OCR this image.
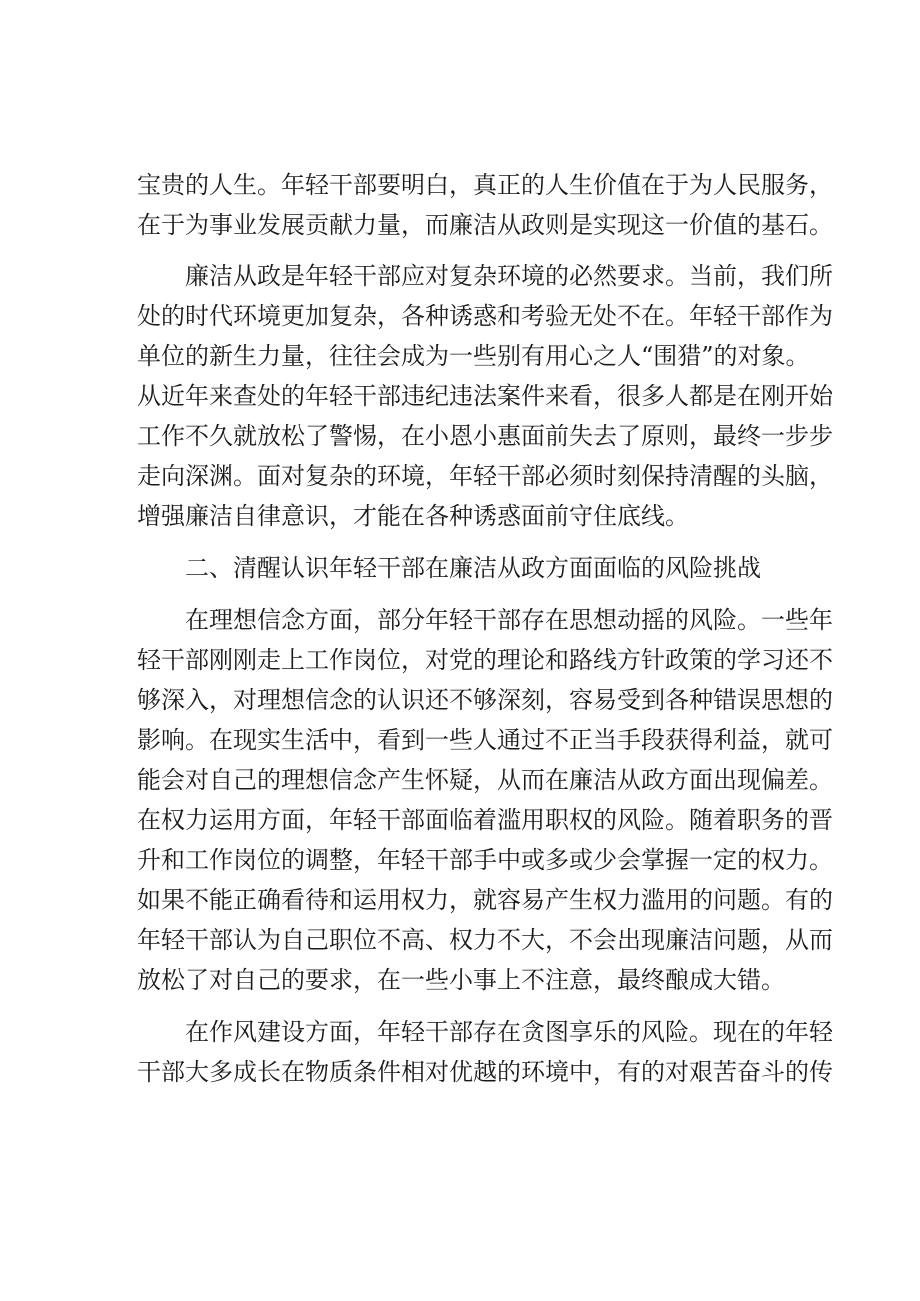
宝贵的人生。年轻干部要明白，真正的人生价值在于为人民服务，
在于为事业发展贡献力量，而廉洁从政则是实现这一价值的基石。
廉洁从政是年轻干部应对复杂环境的必然要求。当前，我们所
处的时代环境更加复杂，各种诱惑和考验无处不在。年轻干部作为
单位的新生力量，往往会成为一些别有用心之人“围猎”的对象。
从近年来查处的年轻干部违纪违法案件来看，很多人都是在刚开始
工作不久就放松了警惕，在小恩小惠面前失去了原则，最终一步步
走向深渊。面对复杂的环境，年轻干部必须时刻保持清醒的头脑，
增强廉洁自律意识，才能在各种诱惑面前守住底线。
二、清醒认识年轻干部在廉洁从政方面面临的风险挑战
在理想信念方面，部分年轻干部存在思想动摇的风险。一些年
轻干部刚刚走上工作岗位，对党的理论和路线方针政策的学习还不
够深入，对理想信念的认识还不够深刻，容易受到各种错误思想的
影响。在现实生活中，看到一些人通过不正当手段获得利益，就可
能会对自己的理想信念产生怀疑，从而在廉洁从政方面出现偏差。
在权力运用方面，年轻干部面临着滥用职权的风险。随着职务的晋
升和工作岗位的调整，年轻干部手中或多或少会掌握一定的权力。
如果不能正确看待和运用权力，就容易产生权力滥用的问题。有的
年轻干部认为自己职位不高、权力不大，不会出现廉洁问题，从而
放松了对自己的要求，在一些小事上不注意，最终酿成大错。
在作风建设方面，年轻干部存在贪图享乐的风险。现在的年轻
干部大多成长在物质条件相对优越的环境中，有的对艰苦奋斗的传
